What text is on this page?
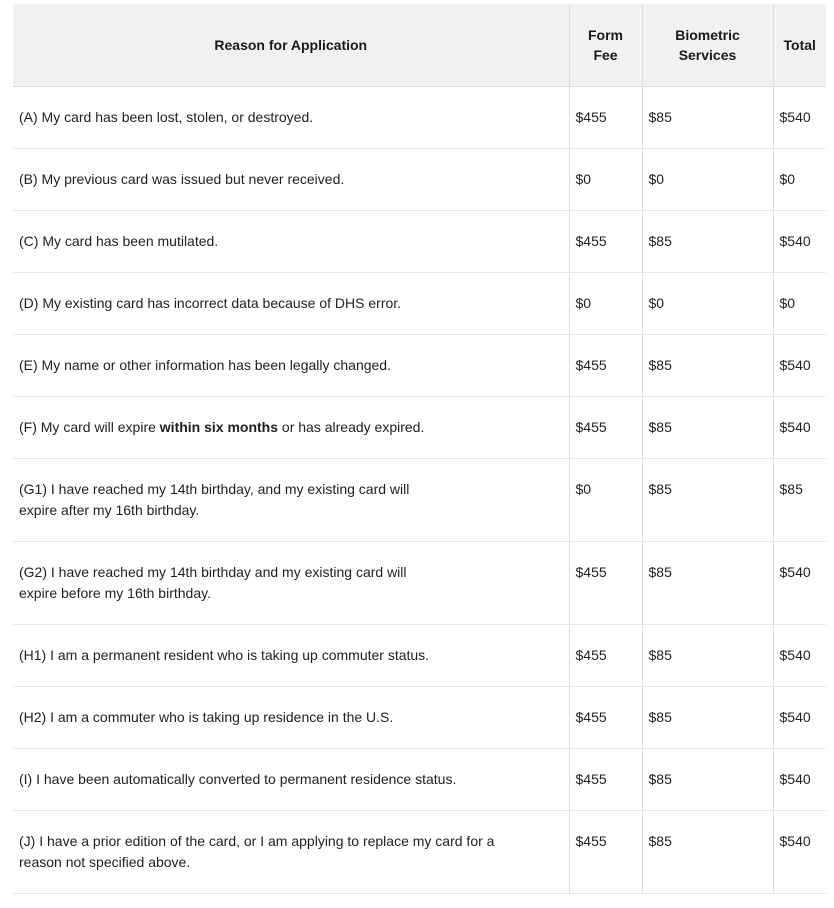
Reason for Application	Form Fee	Biometric Services	Total
(A) My card has been lost, stolen, or destroyed.	$455	$85	$540
(B) My previous card was issued but never received.	$0	$0	$0
(C) My card has been mutilated.	$455	$85	$540
(D) My existing card has incorrect data because of DHS error.	$0	$0	$0
(E) My name or other information has been legally changed.	$455	$85	$540
(F) My card will expire within six months or has already expired.	$455	$85	$540
(G1) I have reached my 14th birthday, and my existing card will
expire after my 16th birthday.	$0	$85	$85
(G2) I have reached my 14th birthday and my existing card will
expire before my 16th birthday.	$455	$85	$540
(H1) I am a permanent resident who is taking up commuter status.	$455	$85	$540
(H2) I am a commuter who is taking up residence in the U.S.	$455	$85	$540
(I) I have been automatically converted to permanent residence status.	$455	$85	$540
(J) I have a prior edition of the card, or I am applying to replace my card for a
reason not specified above.	$455	$85	$540
